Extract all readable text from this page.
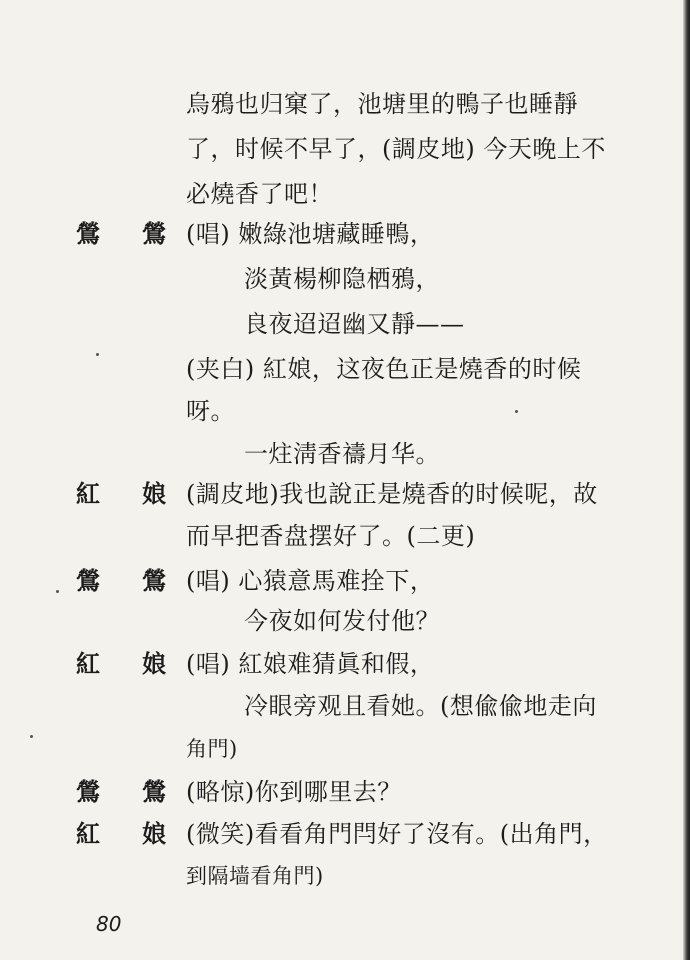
烏鴉也归窠了，池塘里的鴨子也睡靜
了，时候不早了，(調皮地) 今天晚上不
必燒香了吧！
鶯 鶯 (唱) 嫩綠池塘藏睡鴨，
淡黃楊柳隐栖鴉，
良夜迢迢幽又靜——
(夹白) 紅娘，这夜色正是燒香的时候
呀。
一炷淸香禱月华。
紅 娘 (調皮地)我也說正是燒香的时候呢，故
而早把香盘摆好了。(二更)
鶯 鶯 (唱) 心猿意馬难拴下，
今夜如何发付他？
紅 娘 (唱) 紅娘难猜眞和假，
冷眼旁观且看她。(想偸偸地走向
角門)
鶯 鶯 (略惊)你到哪里去？
紅 娘 (微笑)看看角門閂好了沒有。(出角門，
到隔墙看角門)
80
